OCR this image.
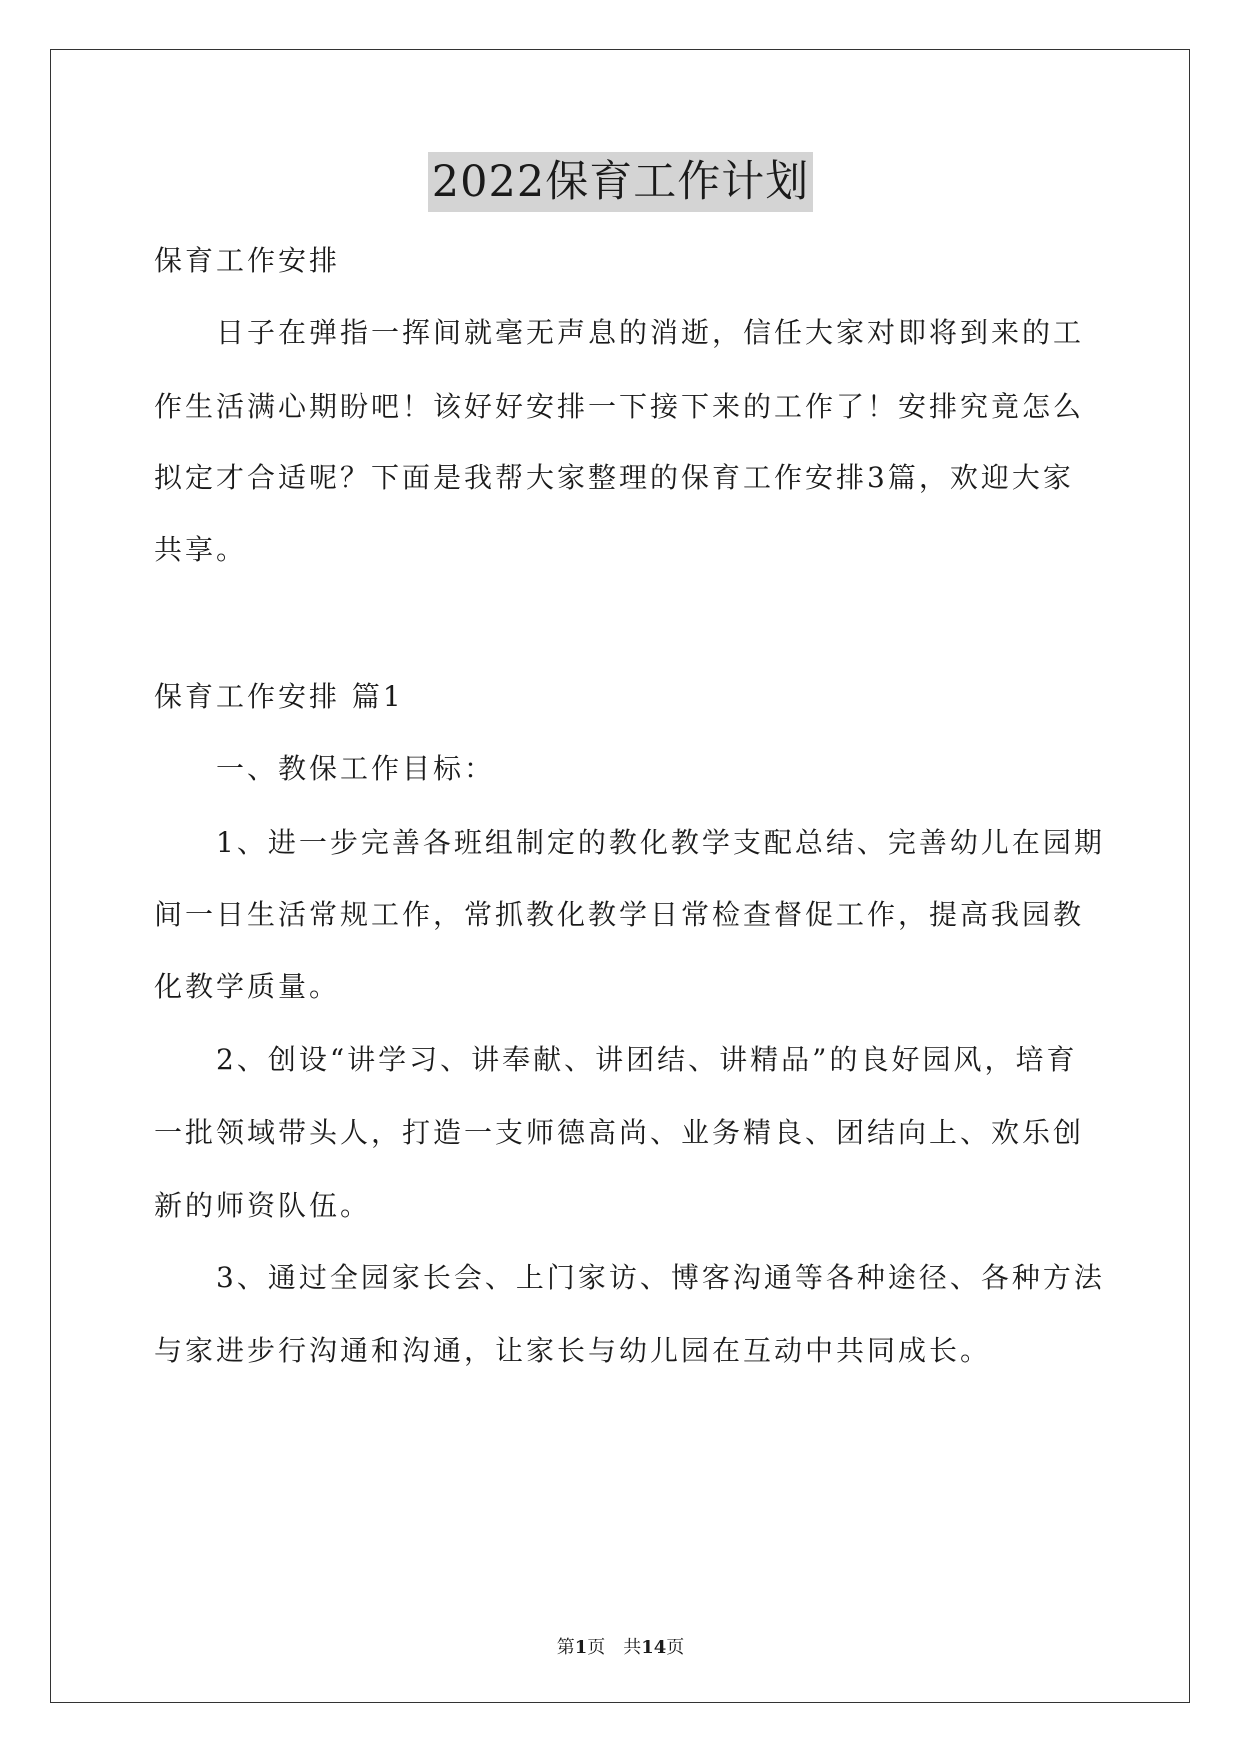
2022保育工作计划
保育工作安排
日子在弹指一挥间就毫无声息的消逝，信任大家对即将到来的工
作生活满心期盼吧！该好好安排一下接下来的工作了！安排究竟怎么
拟定才合适呢？下面是我帮大家整理的保育工作安排3篇，欢迎大家
共享。
保育工作安排 篇1
一、教保工作目标：
1、进一步完善各班组制定的教化教学支配总结、完善幼儿在园期
间一日生活常规工作，常抓教化教学日常检查督促工作，提高我园教
化教学质量。
2、创设“讲学习、讲奉献、讲团结、讲精品”的良好园风，培育
一批领域带头人，打造一支师德高尚、业务精良、团结向上、欢乐创
新的师资队伍。
3、通过全园家长会、上门家访、博客沟通等各种途径、各种方法
与家进步行沟通和沟通，让家长与幼儿园在互动中共同成长。
第1页　共14页
